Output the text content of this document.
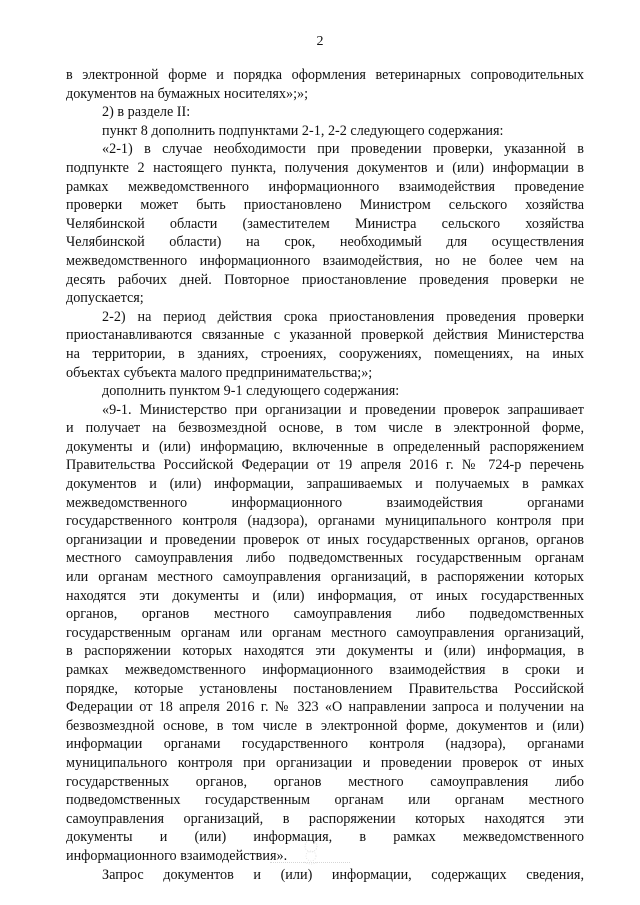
2
в электронной форме и порядка оформления ветеринарных сопроводительных
документов на бумажных носителях»;»;
2) в разделе II:
пункт 8 дополнить подпунктами 2-1, 2-2 следующего содержания:
«2-1) в случае необходимости при проведении проверки, указанной в
подпункте 2 настоящего пункта, получения документов и (или) информации в
рамках межведомственного информационного взаимодействия проведение
проверки может быть приостановлено Министром сельского хозяйства
Челябинской области (заместителем Министра сельского хозяйства
Челябинской области) на срок, необходимый для осуществления
межведомственного информационного взаимодействия, но не более чем на
десять рабочих дней. Повторное приостановление проведения проверки не
допускается;
2-2) на период действия срока приостановления проведения проверки
приостанавливаются связанные с указанной проверкой действия Министерства
на территории, в зданиях, строениях, сооружениях, помещениях, на иных
объектах субъекта малого предпринимательства;»;
дополнить пунктом 9-1 следующего содержания:
«9-1. Министерство при организации и проведении проверок запрашивает
и получает на безвозмездной основе, в том числе в электронной форме,
документы и (или) информацию, включенные в определенный распоряжением
Правительства Российской Федерации от 19 апреля 2016 г. № 724-р перечень
документов и (или) информации, запрашиваемых и получаемых в рамках
межведомственного информационного взаимодействия органами
государственного контроля (надзора), органами муниципального контроля при
организации и проведении проверок от иных государственных органов, органов
местного самоуправления либо подведомственных государственным органам
или органам местного самоуправления организаций, в распоряжении которых
находятся эти документы и (или) информация, от иных государственных
органов, органов местного самоуправления либо подведомственных
государственным органам или органам местного самоуправления организаций,
в распоряжении которых находятся эти документы и (или) информация, в
рамках межведомственного информационного взаимодействия в сроки и
порядке, которые установлены постановлением Правительства Российской
Федерации от 18 апреля 2016 г. № 323 «О направлении запроса и получении на
безвозмездной основе, в том числе в электронной форме, документов и (или)
информации органами государственного контроля (надзора), органами
муниципального контроля при организации и проведении проверок от иных
государственных органов, органов местного самоуправления либо
подведомственных государственным органам или органам местного
самоуправления организаций, в распоряжении которых находятся эти
документы и (или) информация, в рамках межведомственного
информационного взаимодействия».
Запрос документов и (или) информации, содержащих сведения,
